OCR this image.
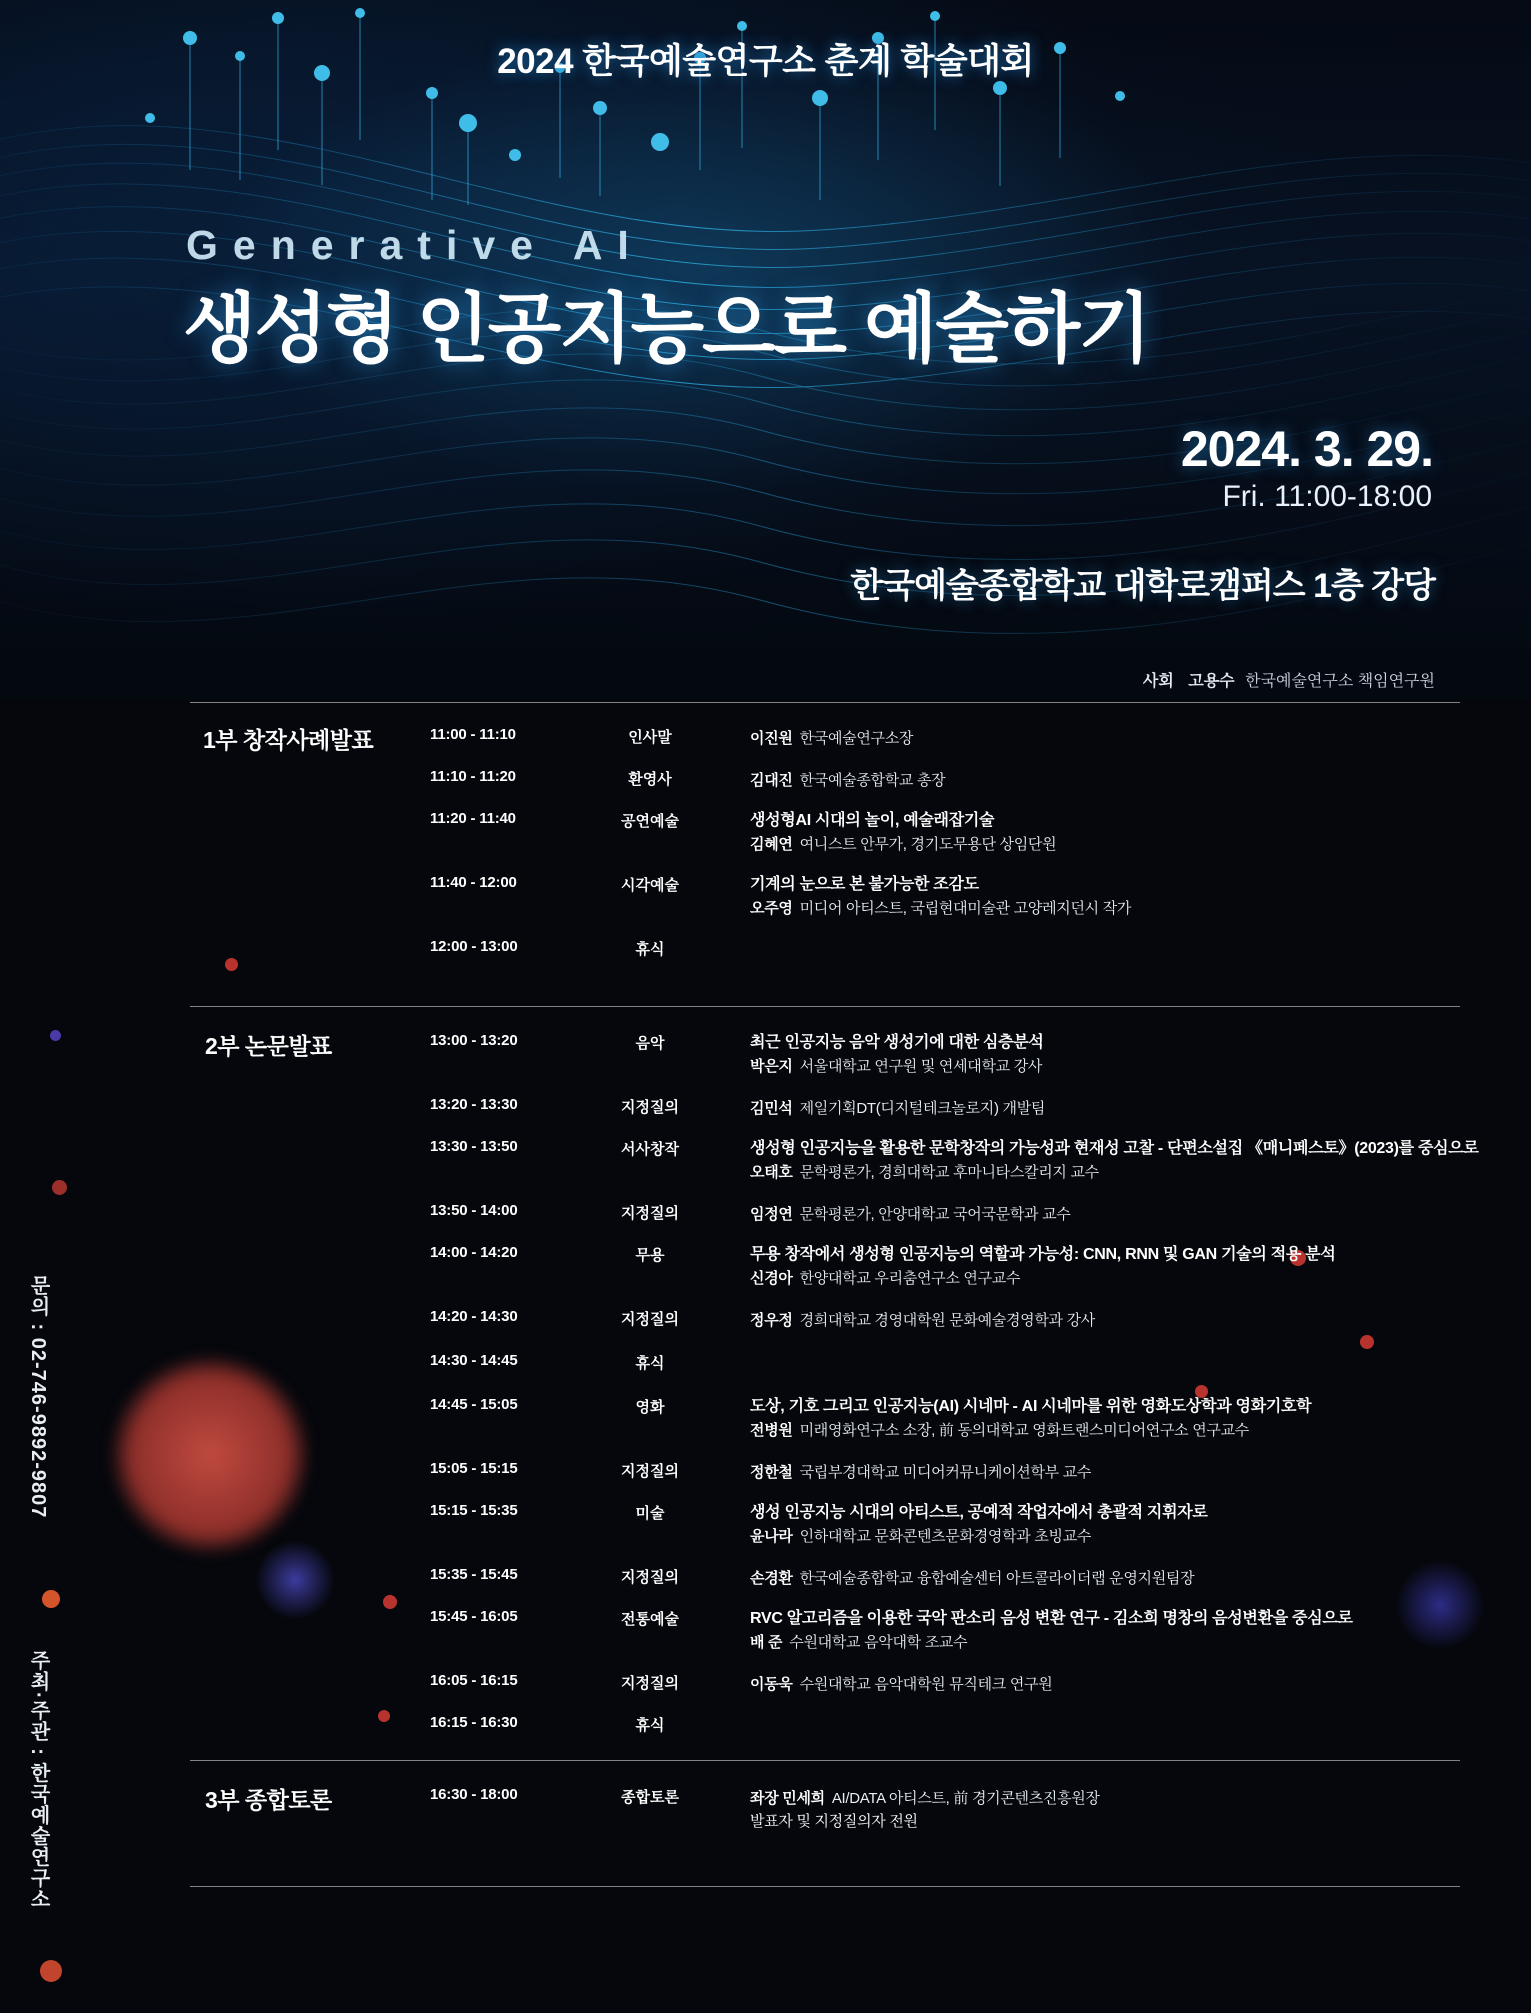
2024 한국예술연구소 춘계 학술대회
Generative AI
생성형 인공지능으로 예술하기
2024. 3. 29.
Fri. 11:00-18:00
한국예술종합학교 대학로캠퍼스 1층 강당
사회 고용수 한국예술연구소 책임연구원
문의 : 02-746-9892-9807
주최·주관 : 한국예술연구소
1부 창작사례발표	11:00 - 11:10	인사말	이진원 한국예술연구소장
11:10 - 11:20	환영사	김대진 한국예술종합학교 총장
11:20 - 11:40	공연예술	생성형AI 시대의 놀이, 예술래잡기술
김혜연 여니스트 안무가, 경기도무용단 상임단원
11:40 - 12:00	시각예술	기계의 눈으로 본 불가능한 조감도
오주영 미디어 아티스트, 국립현대미술관 고양레지던시 작가
12:00 - 13:00	휴식
2부 논문발표	13:00 - 13:20	음악	최근 인공지능 음악 생성기에 대한 심층분석
박은지 서울대학교 연구원 및 연세대학교 강사
13:20 - 13:30	지정질의	김민석 제일기획DT(디지털테크놀로지) 개발팀
13:30 - 13:50	서사창작	생성형 인공지능을 활용한 문학창작의 가능성과 현재성 고찰 - 단편소설집 《매니페스토》(2023)를 중심으로
오태호 문학평론가, 경희대학교 후마니타스칼리지 교수
13:50 - 14:00	지정질의	임정연 문학평론가, 안양대학교 국어국문학과 교수
14:00 - 14:20	무용	무용 창작에서 생성형 인공지능의 역할과 가능성: CNN, RNN 및 GAN 기술의 적용 분석
신경아 한양대학교 우리춤연구소 연구교수
14:20 - 14:30	지정질의	정우정 경희대학교 경영대학원 문화예술경영학과 강사
14:30 - 14:45	휴식
14:45 - 15:05	영화	도상, 기호 그리고 인공지능(AI) 시네마 - AI 시네마를 위한 영화도상학과 영화기호학
전병원 미래영화연구소 소장, 前 동의대학교 영화트랜스미디어연구소 연구교수
15:05 - 15:15	지정질의	정한철 국립부경대학교 미디어커뮤니케이션학부 교수
15:15 - 15:35	미술	생성 인공지능 시대의 아티스트, 공예적 작업자에서 총괄적 지휘자로
윤나라 인하대학교 문화콘텐츠문화경영학과 초빙교수
15:35 - 15:45	지정질의	손경환 한국예술종합학교 융합예술센터 아트콜라이더랩 운영지원팀장
15:45 - 16:05	전통예술	RVC 알고리즘을 이용한 국악 판소리 음성 변환 연구 - 김소희 명창의 음성변환을 중심으로
배 준 수원대학교 음악대학 조교수
16:05 - 16:15	지정질의	이동욱 수원대학교 음악대학원 뮤직테크 연구원
16:15 - 16:30	휴식
3부 종합토론	16:30 - 18:00	종합토론	좌장 민세희 AI/DATA 아티스트, 前 경기콘텐츠진흥원장
발표자 및 지정질의자 전원
